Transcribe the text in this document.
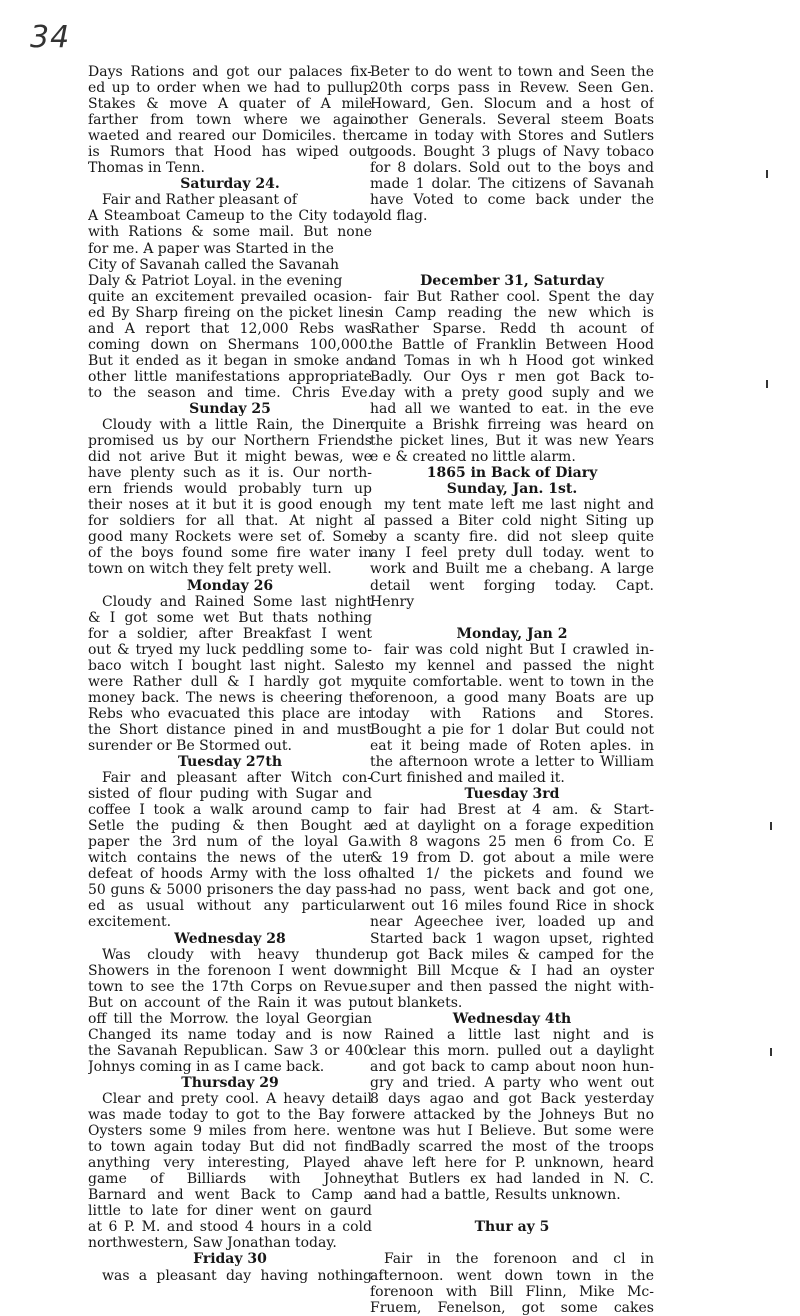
34
Days Rations and got our palaces fix-
ed up to order when we had to pullup
Stakes & move A quater of A mile
farther from town where we again
waeted and reared our Domiciles. ther
is Rumors that Hood has wiped out
Thomas in Tenn.
Saturday 24.
Fair and Rather pleasant of
A Steamboat Cameup to the City today
with Rations & some mail. But none
for me. A paper was Started in the
City of Savanah called the Savanah
Daly & Patriot Loyal. in the evening
quite an excitement prevailed ocasion-
ed By Sharp fireing on the picket lines
and A report that 12,000 Rebs was
coming down on Shermans 100,000.
But it ended as it began in smoke and
other little manifestations appropriate
to the season and time. Chris Eve.
Sunday 25
Cloudy with a little Rain, the Diner
promised us by our Northern Friends
did not arive But it might bewas, we
have plenty such as it is. Our north-
ern friends would probably turn up
their noses at it but it is good enough
for soldiers for all that. At night a
good many Rockets were set of. Some
of the boys found some fire water in
town on witch they felt prety well.
Monday 26
Cloudy and Rained Some last night
& I got some wet But thats nothing
for a soldier, after Breakfast I went
out & tryed my luck peddling some to-
baco witch I bought last night. Sales
were Rather dull & I hardly got my
money back. The news is cheering the
Rebs who evacuated this place are in
the Short distance pined in and must
surender or Be Stormed out.
Tuesday 27th
Fair and pleasant after Witch con-
sisted of flour puding with Sugar and
coffee I took a walk around camp to
Setle the puding & then Bought a
paper the 3rd num of the loyal Ga.
witch contains the news of the uter
defeat of hoods Army with the loss of
50 guns & 5000 prisoners the day pass-
ed as usual without any particular
excitement.
Wednesday 28
Was cloudy with heavy thunder
Showers in the forenoon I went down
town to see the 17th Corps on Revue.
But on account of the Rain it was put
off till the Morrow. the loyal Georgian
Changed its name today and is now
the Savanah Republican. Saw 3 or 400
Johnys coming in as I came back.
Thursday 29
Clear and prety cool. A heavy detail
was made today to got to the Bay for
Oysters some 9 miles from here. went
to town again today But did not find
anything very interesting, Played a
game of Billiards with Johney
Barnard and went Back to Camp a
little to late for diner went on gaurd
at 6 P. M. and stood 4 hours in a cold
northwestern, Saw Jonathan today.
Friday 30
was a pleasant day having nothing
Beter to do went to town and Seen the
20th corps pass in Revew. Seen Gen.
Howard, Gen. Slocum and a host of
other Generals. Several steem Boats
came in today with Stores and Sutlers
goods. Bought 3 plugs of Navy tobaco
for 8 dolars. Sold out to the boys and
made 1 dolar. The citizens of Savanah
have Voted to come back under the
old flag.
December 31, Saturday
fair But Rather cool. Spent the day
in Camp reading the new which is
Rather Sparse. Redd th acount of
the Battle of Franklin Between Hood
and Tomas in wh h Hood got winked
Badly. Our Oys r men got Back to-
day with a prety good suply and we
had all we wanted to eat. in the eve
quite a Brishk firreing was heard on
the picket lines, But it was new Years
e e & created no little alarm.
1865 in Back of Diary
Sunday, Jan. 1st.
my tent mate left me last night and
I passed a Biter cold night Siting up
by a scanty fire. did not sleep quite
any I feel prety dull today. went to
work and Built me a chebang. A large
detail went forging today. Capt.
Henry
Monday, Jan 2
fair was cold night But I crawled in-
to my kennel and passed the night
quite comfortable. went to town in the
forenoon, a good many Boats are up
today with Rations and Stores.
Bought a pie for 1 dolar But could not
eat it being made of Roten aples. in
the afternoon wrote a letter to William
Curt finished and mailed it.
Tuesday 3rd
fair had Brest at 4 am. & Start-
ed at daylight on a forage expedition
with 8 wagons 25 men 6 from Co. E
& 19 from D. got about a mile were
halted 1/ the pickets and found we
had no pass, went back and got one,
went out 16 miles found Rice in shock
near Ageechee iver, loaded up and
Started back 1 wagon upset, righted
up got Back miles & camped for the
night Bill Mcque & I had an oyster
super and then passed the night with-
out blankets.
Wednesday 4th
Rained a little last night and is
clear this morn. pulled out a daylight
and got back to camp about noon hun-
gry and tried. A party who went out
8 days agao and got Back yesterday
were attacked by the Johneys But no
one was hut I Believe. But some were
Badly scarred the most of the troops
have left here for P. unknown, heard
that Butlers ex had landed in N. C.
and had a battle, Results unknown.
Thur ay 5
Fair in the forenoon and cl in
afternoon. went down town in the
forenoon with Bill Flinn, Mike Mc-
Fruem, Fenelson, got some cakes
